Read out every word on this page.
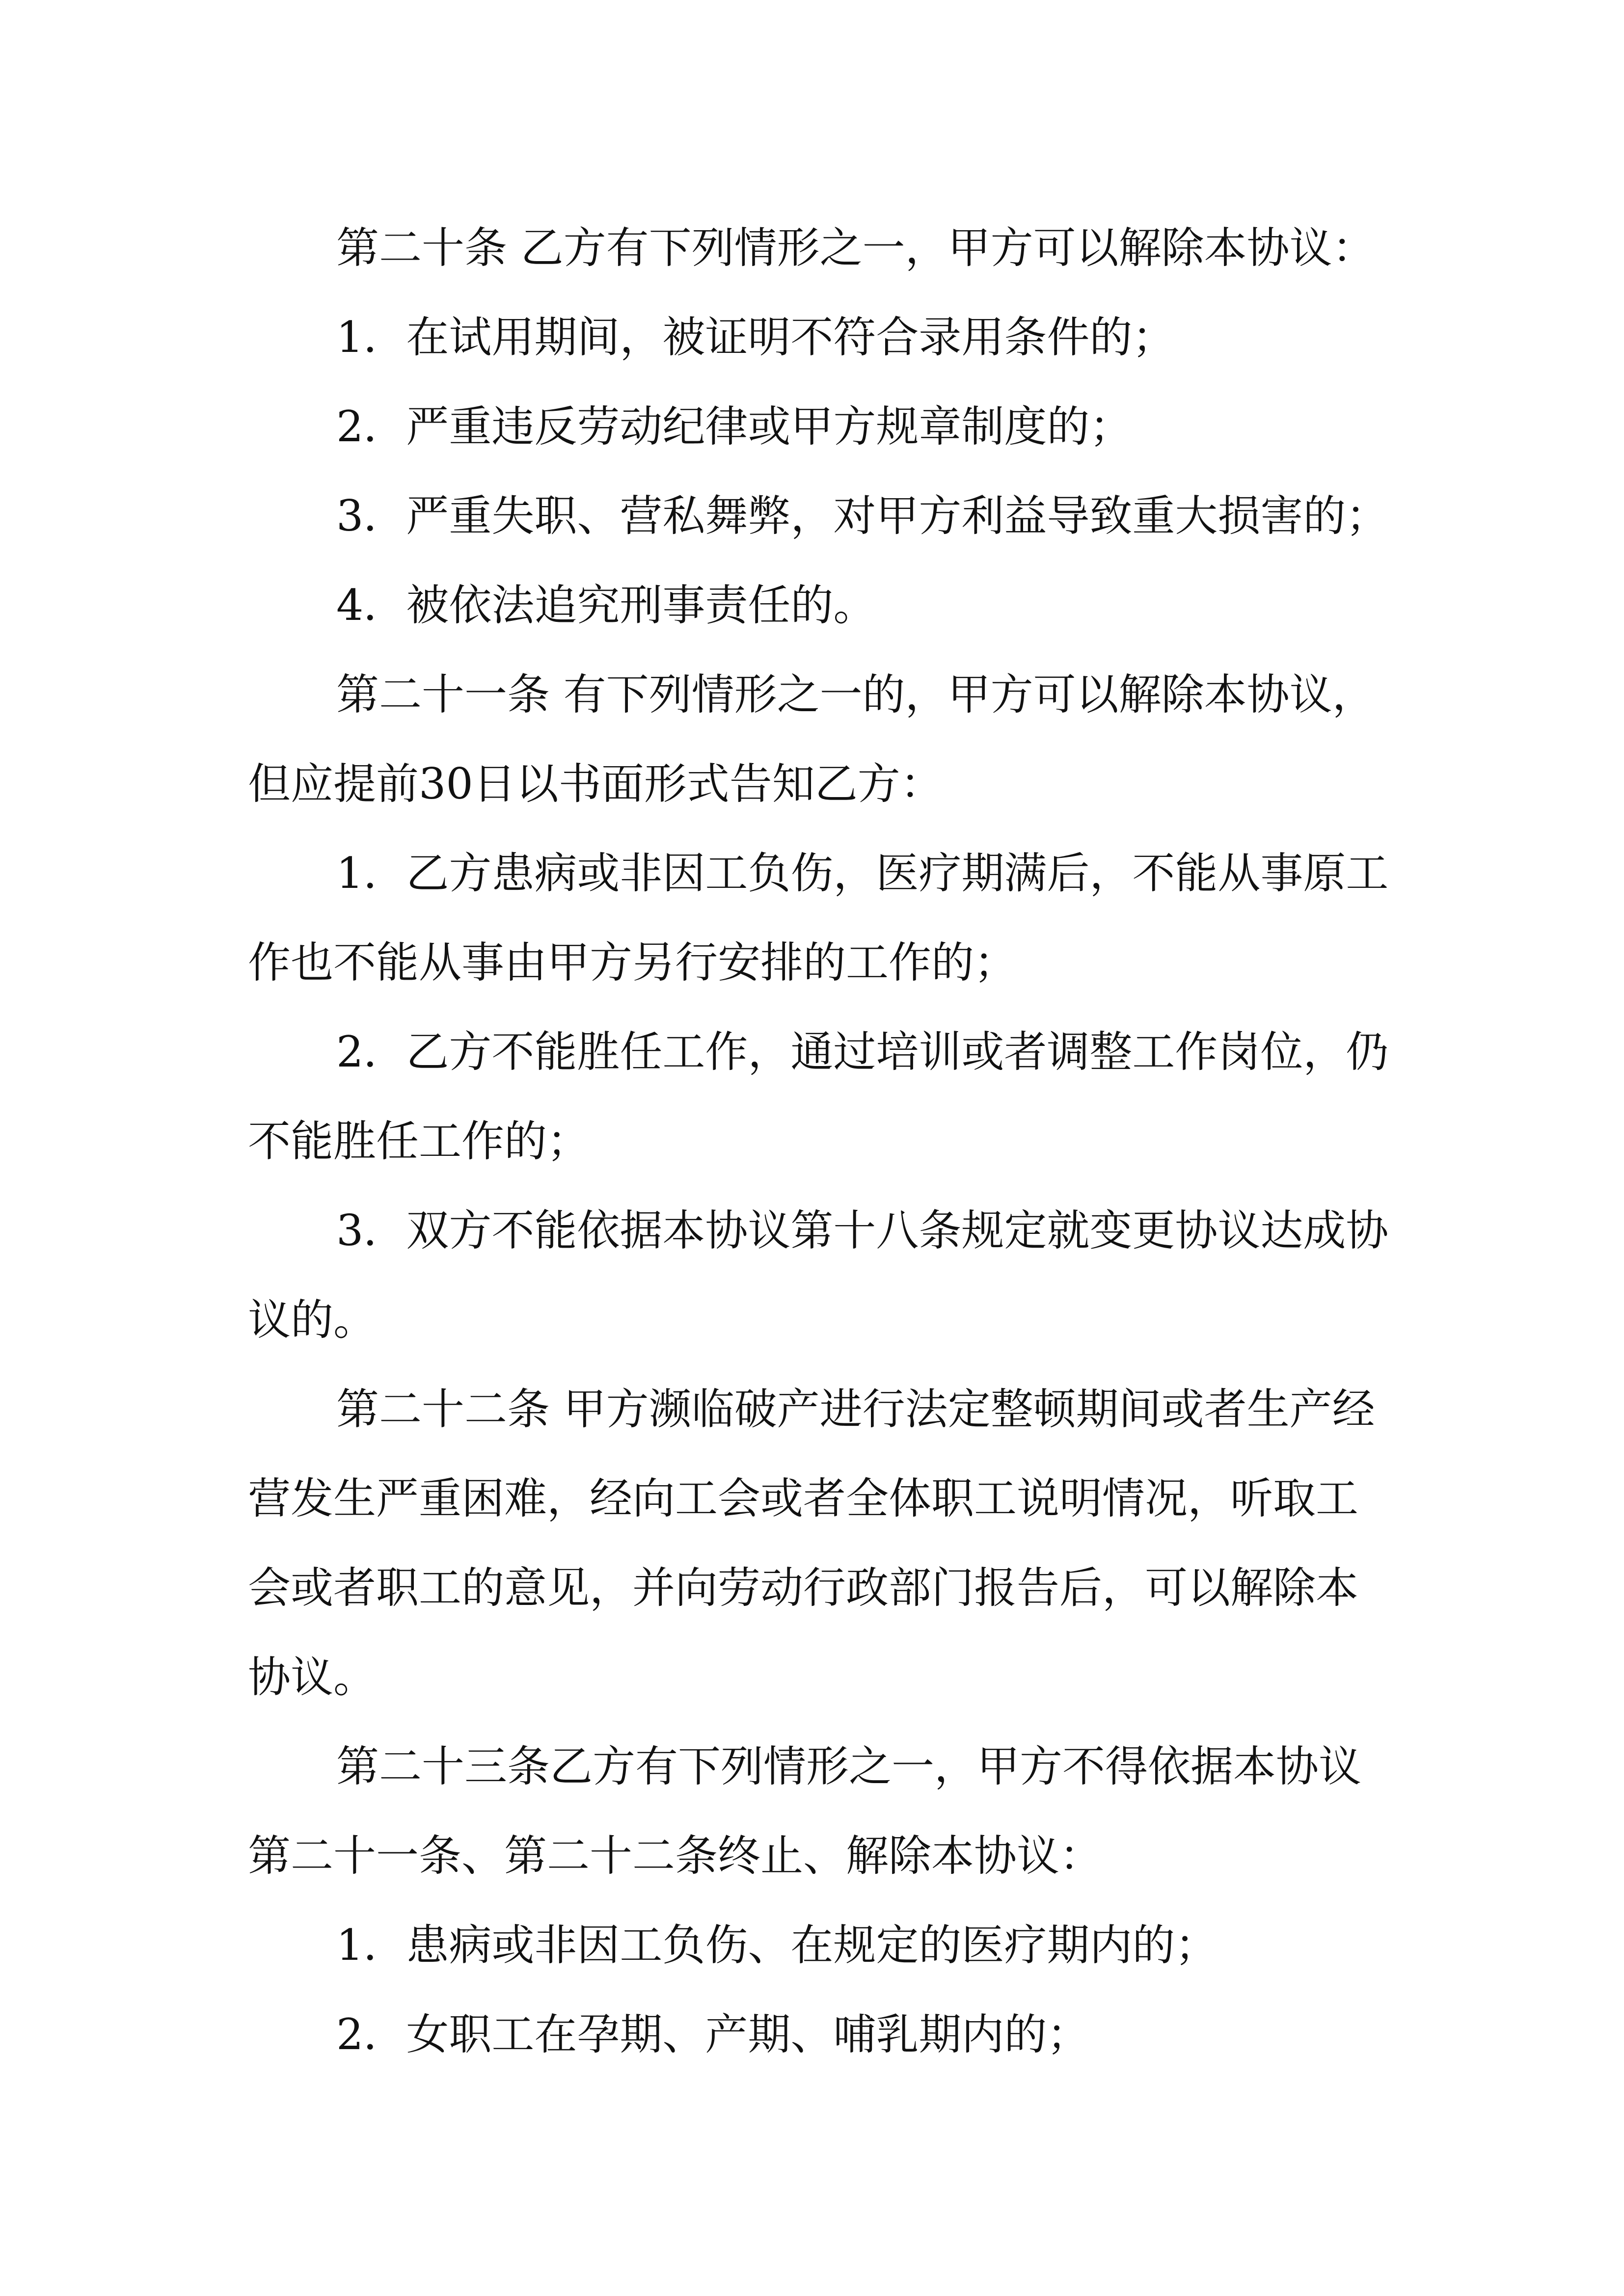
第二十条 乙方有下列情形之一，甲方可以解除本协议：

1．在试用期间，被证明不符合录用条件的；

2．严重违反劳动纪律或甲方规章制度的；

3．严重失职、营私舞弊，对甲方利益导致重大损害的；

4．被依法追究刑事责任的。

第二十一条 有下列情形之一的，甲方可以解除本协议，但应提前30日以书面形式告知乙方：

1．乙方患病或非因工负伤，医疗期满后，不能从事原工作也不能从事由甲方另行安排的工作的；

2．乙方不能胜任工作，通过培训或者调整工作岗位，仍不能胜任工作的；

3．双方不能依据本协议第十八条规定就变更协议达成协议的。

第二十二条 甲方濒临破产进行法定整顿期间或者生产经营发生严重困难，经向工会或者全体职工说明情况，听取工会或者职工的意见，并向劳动行政部门报告后，可以解除本协议。

第二十三条乙方有下列情形之一，甲方不得依据本协议第二十一条、第二十二条终止、解除本协议：

1．患病或非因工负伤、在规定的医疗期内的；

2．女职工在孕期、产期、哺乳期内的；
